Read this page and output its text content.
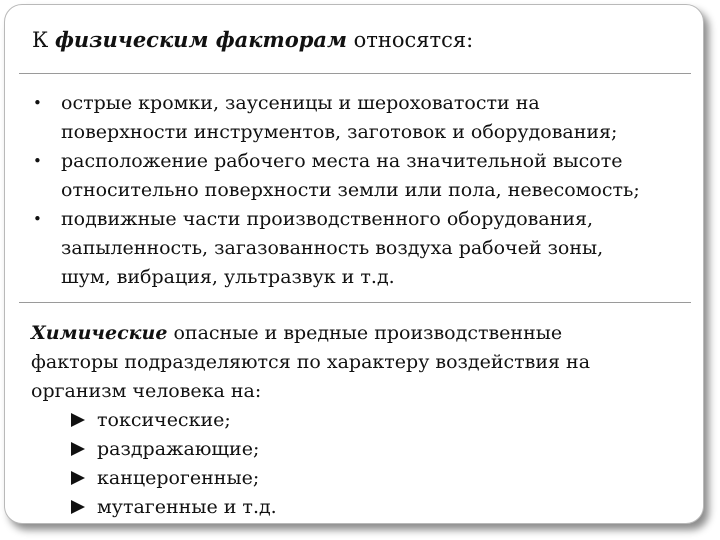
К физическим факторам относятся:
• острые кромки, заусеницы и шероховатости на
поверхности инструментов, заготовок и оборудования;
• расположение рабочего места на значительной высоте
относительно поверхности земли или пола, невесомость;
• подвижные части производственного оборудования,
запыленность, загазованность воздуха рабочей зоны,
шум, вибрация, ультразвук и т.д.
Химические опасные и вредные производственные
факторы подразделяются по характеру воздействия на
организм человека на:
токсические;
раздражающие;
канцерогенные;
мутагенные и т.д.
